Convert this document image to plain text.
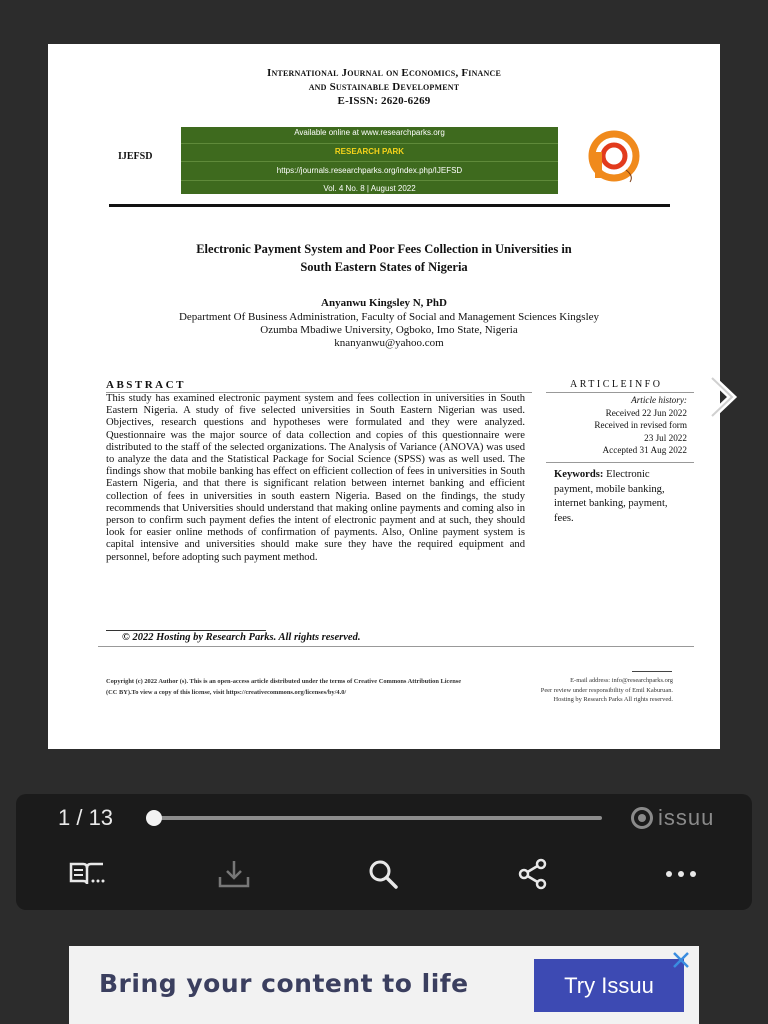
International Journal on Economics, Finance
and Sustainable Development
E-ISSN: 2620-6269
IJEFSD
Available online at www.researchparks.org
RESEARCH PARK
https://journals.researchparks.org/index.php/IJEFSD
Vol. 4 No. 8 | August 2022
Electronic Payment System and Poor Fees Collection in Universities in
South Eastern States of Nigeria
Anyanwu Kingsley N, PhD
Department Of Business Administration, Faculty of Social and Management Sciences Kingsley
Ozumba Mbadiwe University, Ogboko, Imo State, Nigeria
knanyanwu@yahoo.com
ABSTRACT
This study has examined electronic payment system and fees collection in universities in South Eastern Nigeria. A study of five selected universities in South Eastern Nigerian was used. Objectives, research questions and hypotheses were formulated and they were analyzed. Questionnaire was the major source of data collection and copies of this questionnaire were distributed to the staff of the selected organizations. The Analysis of Variance (ANOVA) was used to analyze the data and the Statistical Package for Social Science (SPSS) was as well used. The findings show that mobile banking has effect on efficient collection of fees in universities in South Eastern Nigeria, and that there is significant relation between internet banking and efficient collection of fees in universities in south eastern Nigeria. Based on the findings, the study recommends that Universities should understand that making online payments and coming also in person to confirm such payment defies the intent of electronic payment and at such, they should look for easier online methods of confirmation of payments. Also, Online payment system is capital intensive and universities should make sure they have the required equipment and personnel, before adopting such payment method.
ARTICLEINFO
Article history:
Received 22 Jun 2022
Received in revised form
23 Jul 2022
Accepted 31 Aug 2022
Keywords: Electronic payment, mobile banking, internet banking, payment, fees.
© 2022 Hosting by Research Parks. All rights reserved.
Copyright (c) 2022 Author (s). This is an open-access article distributed under the terms of Creative Commons Attribution License (CC BY).To view a copy of this license, visit https://creativecommons.org/licenses/by/4.0/
E-mail address: info@researchparks.org
Peer review under responsibility of Emil Kaburuan.
Hosting by Research Parks All rights reserved.
1 / 13	issuu
Bring your content to life	Try Issuu
